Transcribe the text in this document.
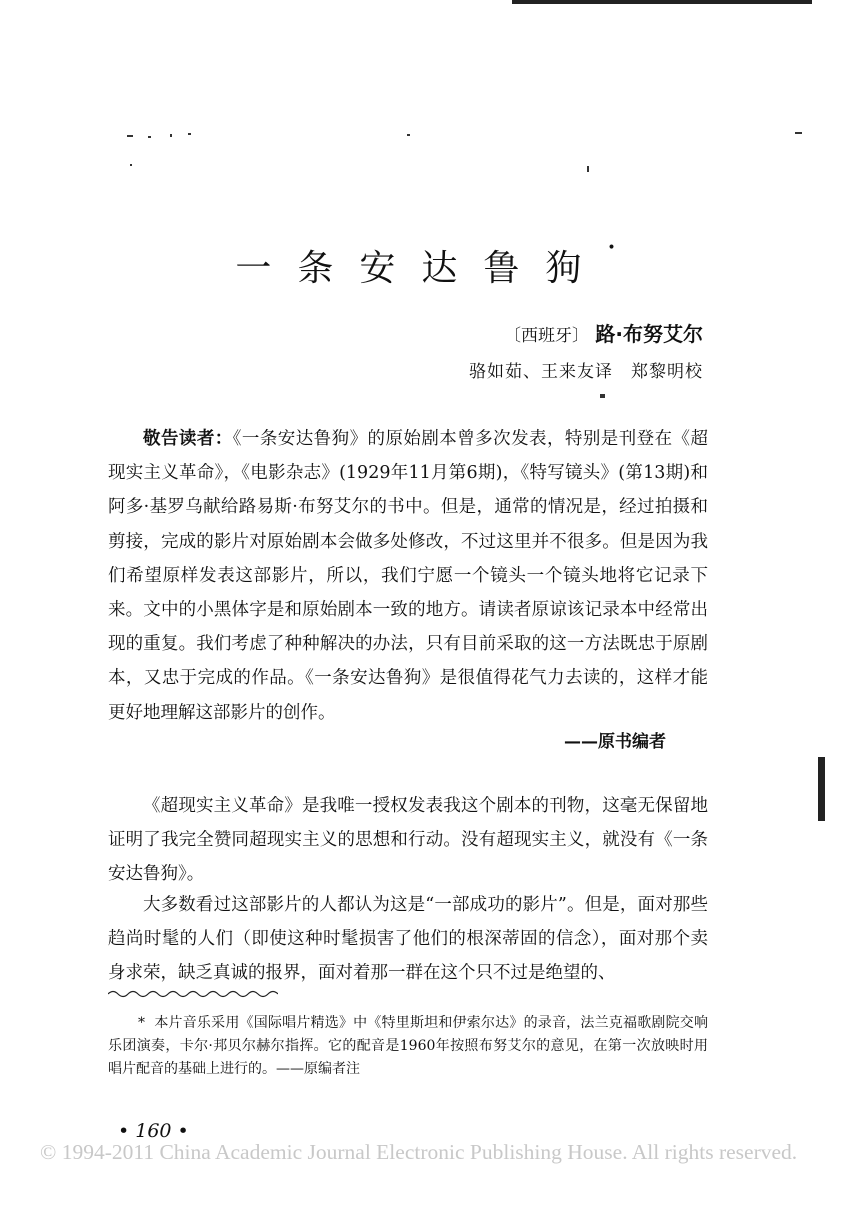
一条安达鲁狗•
〔西班牙〕 路·布努艾尔
骆如茹、王来友译　郑黎明校
敬告读者：《一条安达鲁狗》的原始剧本曾多次发表，特别是刊登在《超现实主义革命》，《电影杂志》(1929年11月第6期)，《特写镜头》(第13期)和阿多·基罗乌献给路易斯·布努艾尔的书中。但是，通常的情况是，经过拍摄和剪接，完成的影片对原始剧本会做多处修改，不过这里并不很多。但是因为我们希望原样发表这部影片，所以，我们宁愿一个镜头一个镜头地将它记录下来。文中的小黑体字是和原始剧本一致的地方。请读者原谅该记录本中经常出现的重复。我们考虑了种种解决的办法，只有目前采取的这一方法既忠于原剧本，又忠于完成的作品。《一条安达鲁狗》是很值得花气力去读的，这样才能更好地理解这部影片的创作。
——原书编者
《超现实主义革命》是我唯一授权发表我这个剧本的刊物，这毫无保留地证明了我完全赞同超现实主义的思想和行动。没有超现实主义，就没有《一条安达鲁狗》。
大多数看过这部影片的人都认为这是“一部成功的影片”。但是，面对那些趋尚时髦的人们（即使这种时髦损害了他们的根深蒂固的信念），面对那个卖身求荣，缺乏真诚的报界，面对着那一群在这个只不过是绝望的、
* 本片音乐采用《国际唱片精选》中《特里斯坦和伊索尔达》的录音，法兰克福歌剧院交响乐团演奏，卡尔·邦贝尔赫尔指挥。它的配音是1960年按照布努艾尔的意见，在第一次放映时用唱片配音的基础上进行的。——原编者注
• 160 •
© 1994-2011 China Academic Journal Electronic Publishing House. All rights reserved.
